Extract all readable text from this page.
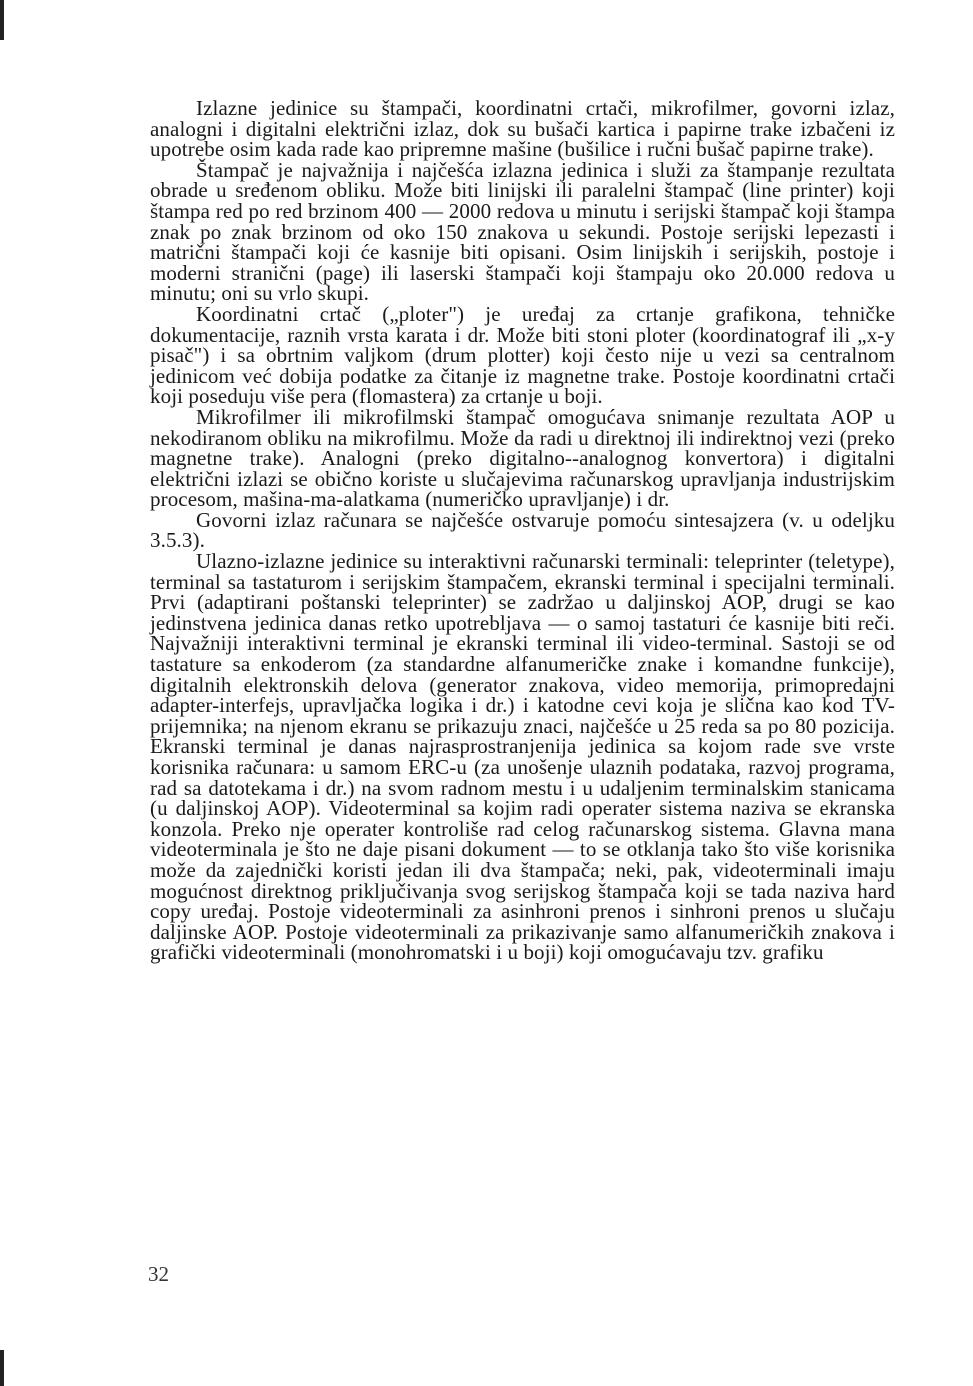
Izlazne jedinice su štampači, koordinatni crtači, mikrofilmer, govorni izlaz, analogni i digitalni električni izlaz, dok su bušači kartica i papirne trake izbačeni iz upotrebe osim kada rade kao pripremne mašine (bušilice i ručni bušač papirne trake).

Štampač je najvažnija i najčešća izlazna jedinica i služi za štampanje rezultata obrade u sređenom obliku. Može biti linijski ili paralelni štampač (line printer) koji štampa red po red brzinom 400 — 2000 redova u minutu i serijski štampač koji štampa znak po znak brzinom od oko 150 znakova u sekundi. Postoje serijski lepezasti i matrični štampači koji će kasnije biti opisani. Osim linijskih i serijskih, postoje i moderni stranični (page) ili laserski štampači koji štampaju oko 20.000 redova u minutu; oni su vrlo skupi.

Koordinatni crtač („ploter") je uređaj za crtanje grafikona, tehničke dokumentacije, raznih vrsta karata i dr. Može biti stoni ploter (koordinatograf ili „x-y pisač") i sa obrtnim valjkom (drum plotter) koji često nije u vezi sa centralnom jedinicom već dobija podatke za čitanje iz magnetne trake. Postoje koordinatni crtači koji poseduju više pera (flomastera) za crtanje u boji.

Mikrofilmer ili mikrofilmski štampač omogućava snimanje rezultata AOP u nekodiranom obliku na mikrofilmu. Može da radi u direktnoj ili indirektnoj vezi (preko magnetne trake). Analogni (preko digitalno--analognog konvertora) i digitalni električni izlazi se obično koriste u slučajevima računarskog upravljanja industrijskim procesom, mašina-ma-alatkama (numeričko upravljanje) i dr.

Govorni izlaz računara se najčešće ostvaruje pomoću sintesajzera (v. u odeljku 3.5.3).

Ulazno-izlazne jedinice su interaktivni računarski terminali: teleprinter (teletype), terminal sa tastaturom i serijskim štampačem, ekranski terminal i specijalni terminali. Prvi (adaptirani poštanski teleprinter) se zadržao u daljinskoj AOP, drugi se kao jedinstvena jedinica danas retko upotrebljava — o samoj tastaturi će kasnije biti reči. Najvažniji interaktivni terminal je ekranski terminal ili video-terminal. Sastoji se od tastature sa enkoderom (za standardne alfanumeričke znake i komandne funkcije), digitalnih elektronskih delova (generator znakova, video memorija, primopredajni adapter-interfejs, upravljačka logika i dr.) i katodne cevi koja je slična kao kod TV-prijemnika; na njenom ekranu se prikazuju znaci, najčešće u 25 reda sa po 80 pozicija. Ekranski terminal je danas najrasprostranjenija jedinica sa kojom rade sve vrste korisnika računara: u samom ERC-u (za unošenje ulaznih podataka, razvoj programa, rad sa datotekama i dr.) na svom radnom mestu i u udaljenim terminalskim stanicama (u daljinskoj AOP). Videoterminal sa kojim radi operater sistema naziva se ekranska konzola. Preko nje operater kontroliše rad celog računarskog sistema. Glavna mana videoterminala je što ne daje pisani dokument — to se otklanja tako što više korisnika može da zajednički koristi jedan ili dva štampača; neki, pak, videoterminali imaju mogućnost direktnog priključivanja svog serijskog štampača koji se tada naziva hard copy uređaj. Postoje videoterminali za asinhroni prenos i sinhroni prenos u slučaju daljinske AOP. Postoje videoterminali za prikazivanje samo alfanumeričkih znakova i grafički videoterminali (monohromatski i u boji) koji omogućavaju tzv. grafiku

32
